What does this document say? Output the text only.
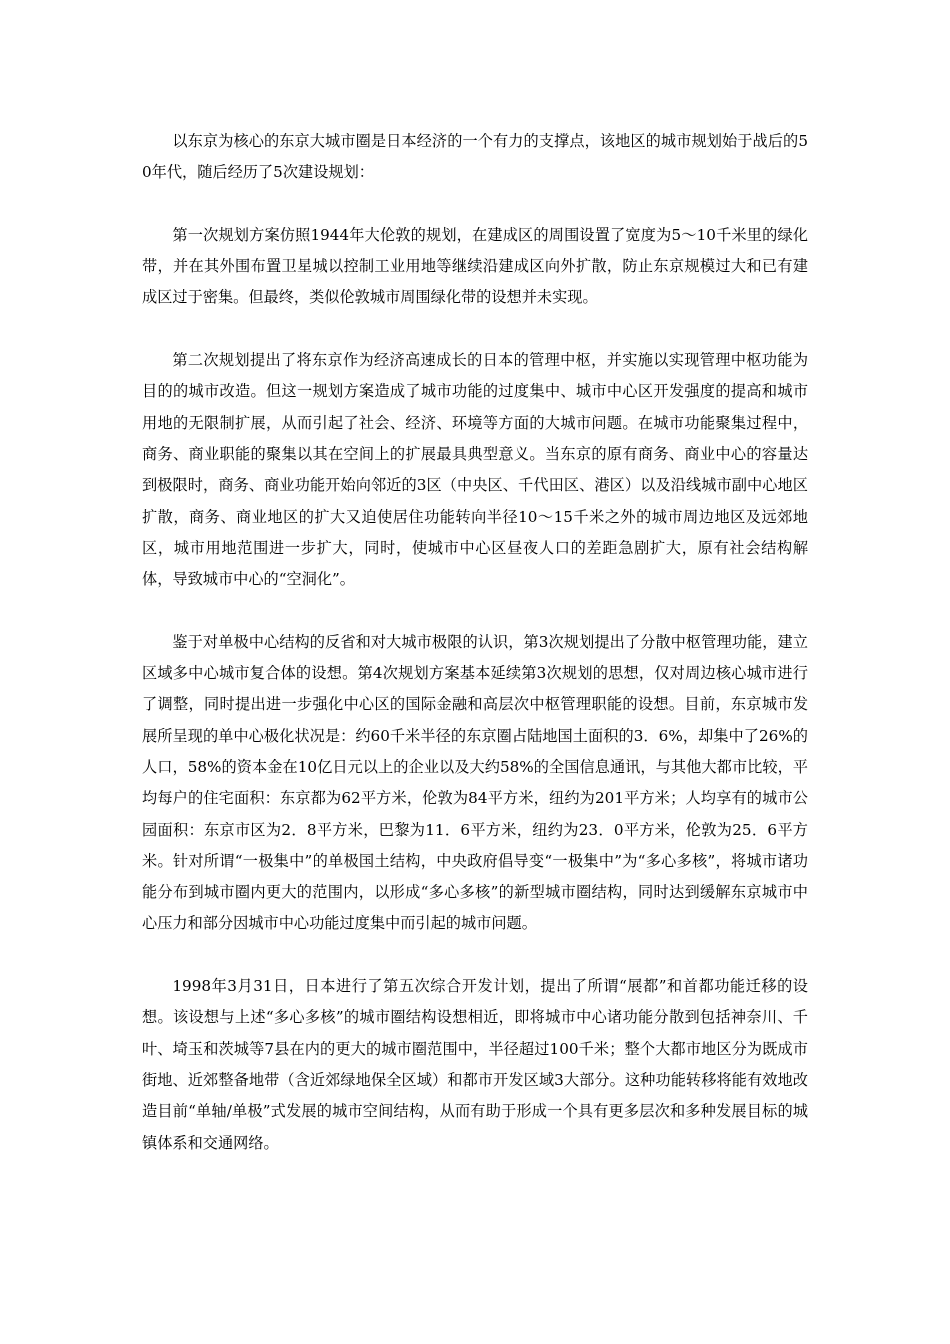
以东京为核心的东京大城市圈是日本经济的一个有力的支撑点，该地区的城市规划始于战后的50年代，随后经历了5次建设规划：

第一次规划方案仿照1944年大伦敦的规划，在建成区的周围设置了宽度为5～10千米里的绿化带，并在其外围布置卫星城以控制工业用地等继续沿建成区向外扩散，防止东京规模过大和已有建成区过于密集。但最终，类似伦敦城市周围绿化带的设想并未实现。

第二次规划提出了将东京作为经济高速成长的日本的管理中枢，并实施以实现管理中枢功能为目的的城市改造。但这一规划方案造成了城市功能的过度集中、城市中心区开发强度的提高和城市用地的无限制扩展，从而引起了社会、经济、环境等方面的大城市问题。在城市功能聚集过程中，商务、商业职能的聚集以其在空间上的扩展最具典型意义。当东京的原有商务、商业中心的容量达到极限时，商务、商业功能开始向邻近的3区（中央区、千代田区、港区）以及沿线城市副中心地区扩散，商务、商业地区的扩大又迫使居住功能转向半径10～15千米之外的城市周边地区及远郊地区，城市用地范围进一步扩大，同时，使城市中心区昼夜人口的差距急剧扩大，原有社会结构解体，导致城市中心的“空洞化”。

鉴于对单极中心结构的反省和对大城市极限的认识，第3次规划提出了分散中枢管理功能，建立区域多中心城市复合体的设想。第4次规划方案基本延续第3次规划的思想，仅对周边核心城市进行了调整，同时提出进一步强化中心区的国际金融和高层次中枢管理职能的设想。目前，东京城市发展所呈现的单中心极化状况是：约60千米半径的东京圈占陆地国土面积的3．6%，却集中了26%的人口，58%的资本金在10亿日元以上的企业以及大约58%的全国信息通讯，与其他大都市比较，平均每户的住宅面积：东京都为62平方米，伦敦为84平方米，纽约为201平方米；人均享有的城市公园面积：东京市区为2．8平方米，巴黎为11．6平方米，纽约为23．0平方米，伦敦为25．6平方米。针对所谓“一极集中”的单极国土结构，中央政府倡导变“一极集中”为“多心多核”，将城市诸功能分布到城市圈内更大的范围内，以形成“多心多核”的新型城市圈结构，同时达到缓解东京城市中心压力和部分因城市中心功能过度集中而引起的城市问题。

1998年3月31日，日本进行了第五次综合开发计划，提出了所谓“展都”和首都功能迁移的设想。该设想与上述“多心多核”的城市圈结构设想相近，即将城市中心诸功能分散到包括神奈川、千叶、埼玉和茨城等7县在内的更大的城市圈范围中，半径超过100千米；整个大都市地区分为既成市街地、近郊整备地带（含近郊绿地保全区域）和都市开发区域3大部分。这种功能转移将能有效地改造目前“单轴/单极”式发展的城市空间结构，从而有助于形成一个具有更多层次和多种发展目标的城镇体系和交通网络。
